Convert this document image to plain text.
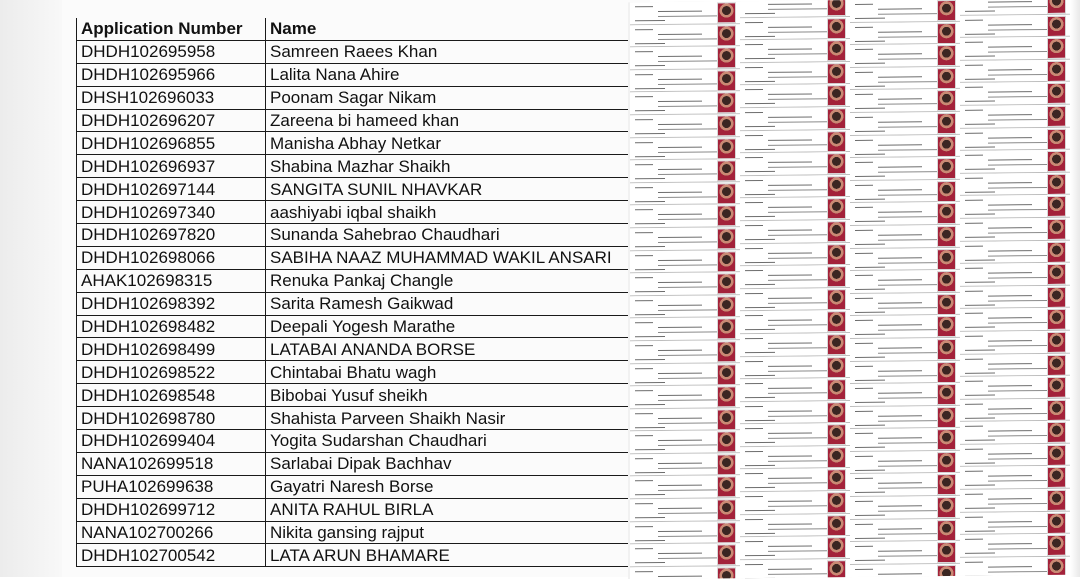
Application Number	Name
DHDH102695958	Samreen Raees Khan
DHDH102695966	Lalita Nana Ahire
DHSH102696033	Poonam Sagar Nikam
DHDH102696207	Zareena bi hameed khan
DHDH102696855	Manisha Abhay Netkar
DHDH102696937	Shabina Mazhar Shaikh
DHDH102697144	SANGITA SUNIL NHAVKAR
DHDH102697340	aashiyabi iqbal shaikh
DHDH102697820	Sunanda Sahebrao Chaudhari
DHDH102698066	SABIHA NAAZ MUHAMMAD WAKIL ANSARI
AHAK102698315	Renuka Pankaj Changle
DHDH102698392	Sarita Ramesh Gaikwad
DHDH102698482	Deepali Yogesh Marathe
DHDH102698499	LATABAI ANANDA BORSE
DHDH102698522	Chintabai Bhatu wagh
DHDH102698548	Bibobai Yusuf sheikh
DHDH102698780	Shahista Parveen Shaikh Nasir
DHDH102699404	Yogita Sudarshan Chaudhari
NANA102699518	Sarlabai Dipak Bachhav
PUHA102699638	Gayatri Naresh Borse
DHDH102699712	ANITA RAHUL BIRLA
NANA102700266	Nikita gansing rajput
DHDH102700542	LATA ARUN BHAMARE
